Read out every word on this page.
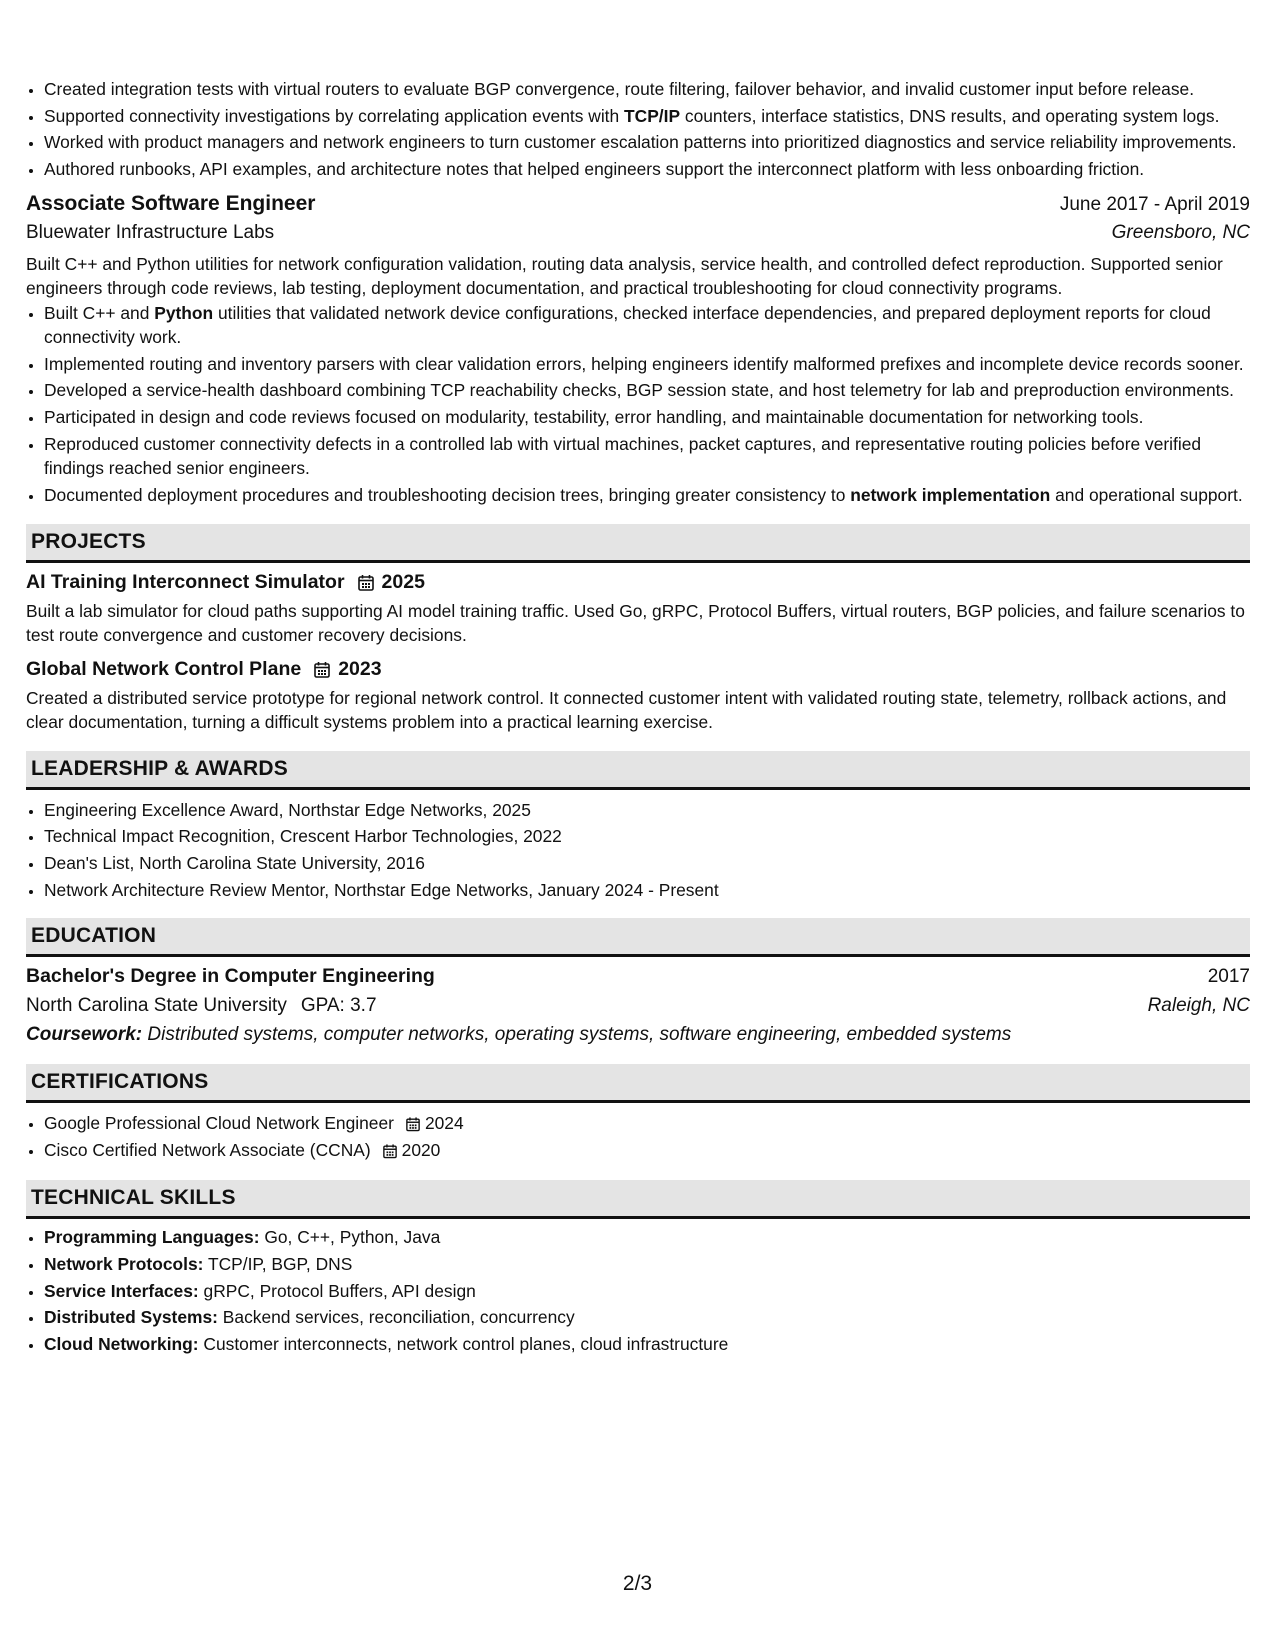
• Created integration tests with virtual routers to evaluate BGP convergence, route filtering, failover behavior, and invalid customer input before release.
• Supported connectivity investigations by correlating application events with TCP/IP counters, interface statistics, DNS results, and operating system logs.
• Worked with product managers and network engineers to turn customer escalation patterns into prioritized diagnostics and service reliability improvements.
• Authored runbooks, API examples, and architecture notes that helped engineers support the interconnect platform with less onboarding friction.
Associate Software Engineer	June 2017 - April 2019
Bluewater Infrastructure Labs	Greensboro, NC
Built C++ and Python utilities for network configuration validation, routing data analysis, service health, and controlled defect reproduction. Supported senior engineers through code reviews, lab testing, deployment documentation, and practical troubleshooting for cloud connectivity programs.
• Built C++ and Python utilities that validated network device configurations, checked interface dependencies, and prepared deployment reports for cloud connectivity work.
• Implemented routing and inventory parsers with clear validation errors, helping engineers identify malformed prefixes and incomplete device records sooner.
• Developed a service-health dashboard combining TCP reachability checks, BGP session state, and host telemetry for lab and preproduction environments.
• Participated in design and code reviews focused on modularity, testability, error handling, and maintainable documentation for networking tools.
• Reproduced customer connectivity defects in a controlled lab with virtual machines, packet captures, and representative routing policies before verified findings reached senior engineers.
• Documented deployment procedures and troubleshooting decision trees, bringing greater consistency to network implementation and operational support.
PROJECTS
AI Training Interconnect Simulator 2025
Built a lab simulator for cloud paths supporting AI model training traffic. Used Go, gRPC, Protocol Buffers, virtual routers, BGP policies, and failure scenarios to test route convergence and customer recovery decisions.
Global Network Control Plane 2023
Created a distributed service prototype for regional network control. It connected customer intent with validated routing state, telemetry, rollback actions, and clear documentation, turning a difficult systems problem into a practical learning exercise.
LEADERSHIP & AWARDS
• Engineering Excellence Award, Northstar Edge Networks, 2025
• Technical Impact Recognition, Crescent Harbor Technologies, 2022
• Dean's List, North Carolina State University, 2016
• Network Architecture Review Mentor, Northstar Edge Networks, January 2024 - Present
EDUCATION
Bachelor's Degree in Computer Engineering	2017
North Carolina State University GPA: 3.7	Raleigh, NC
Coursework: Distributed systems, computer networks, operating systems, software engineering, embedded systems
CERTIFICATIONS
• Google Professional Cloud Network Engineer 2024
• Cisco Certified Network Associate (CCNA) 2020
TECHNICAL SKILLS
• Programming Languages: Go, C++, Python, Java
• Network Protocols: TCP/IP, BGP, DNS
• Service Interfaces: gRPC, Protocol Buffers, API design
• Distributed Systems: Backend services, reconciliation, concurrency
• Cloud Networking: Customer interconnects, network control planes, cloud infrastructure
2/3
